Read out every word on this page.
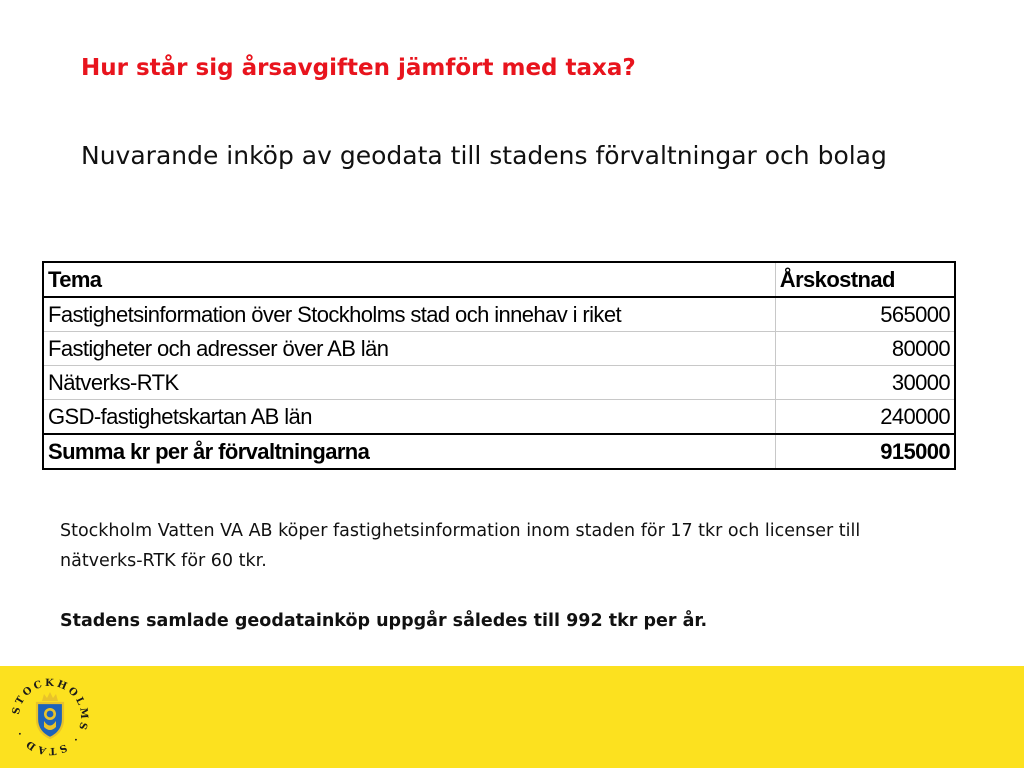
Hur står sig årsavgiften jämfört med taxa?

Nuvarande inköp av geodata till stadens förvaltningar och bolag

Tema	Årskostnad
Fastighetsinformation över Stockholms stad och innehav i riket	565000
Fastigheter och adresser över AB län	80000
Nätverks-RTK	30000
GSD-fastighetskartan AB län	240000
Summa kr per år förvaltningarna	915000

Stockholm Vatten VA AB köper fastighetsinformation inom staden för 17 tkr och licenser till nätverks-RTK för 60 tkr.

Stadens samlade geodatainköp uppgår således till 992 tkr per år.

STOCKHOLMS · STAD ·
